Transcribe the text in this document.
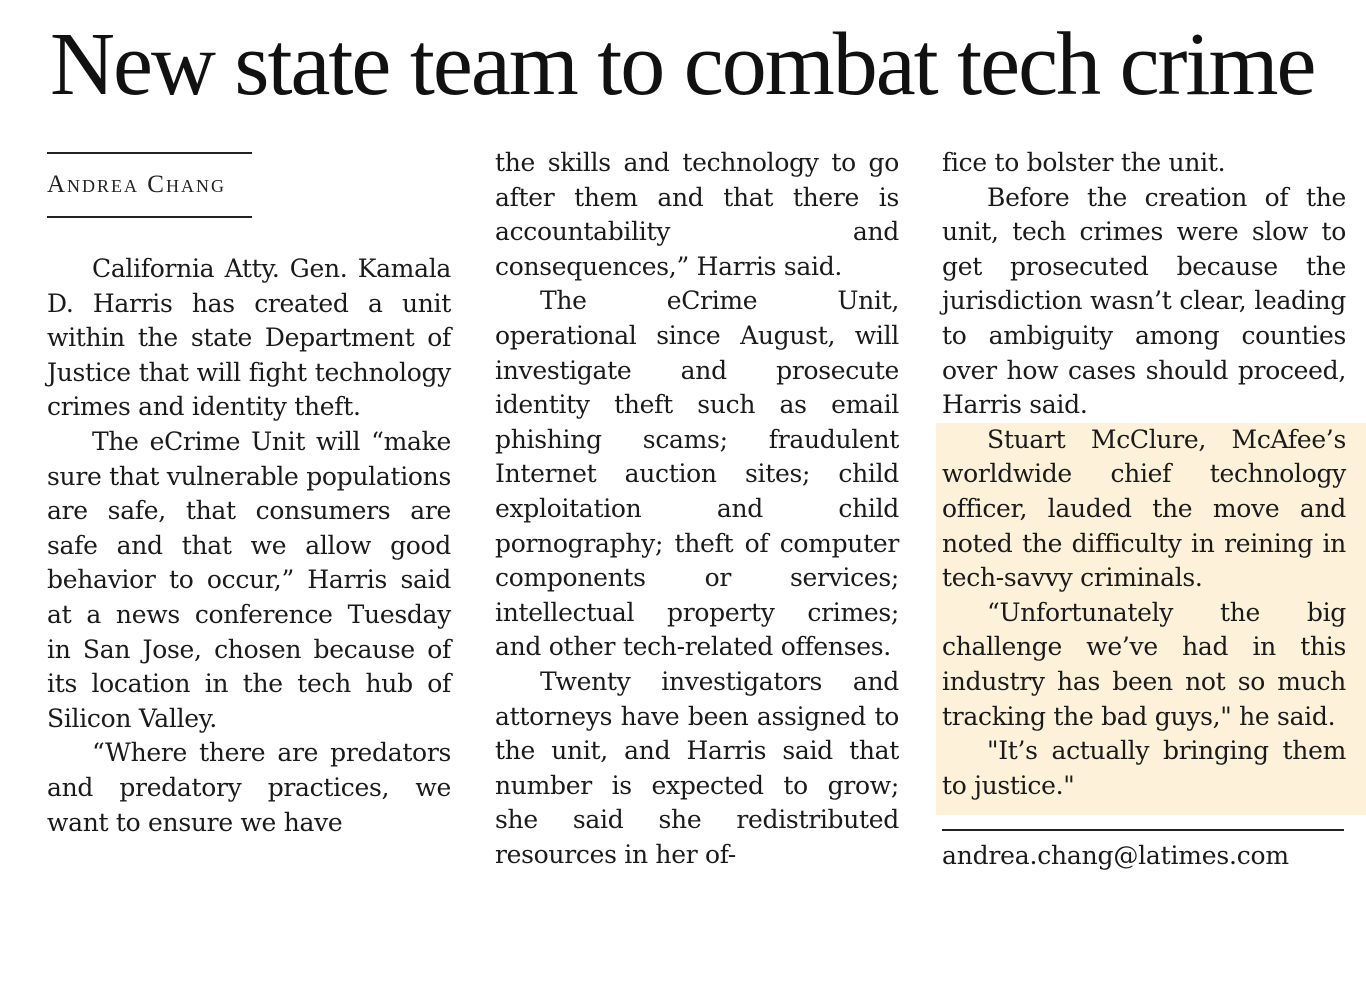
New state team to combat tech crime
Andrea Chang

California Atty. Gen. Kamala D. Harris has created a unit within the state Department of Justice that will fight technology crimes and identity theft.

The eCrime Unit will “make sure that vulnerable populations are safe, that consumers are safe and that we allow good behavior to occur,” Harris said at a news conference Tuesday in San Jose, chosen because of its location in the tech hub of Silicon Valley.

“Where there are predators and predatory practices, we want to ensure we have

the skills and technology to go after them and that there is accountability and consequences,” Harris said.

The eCrime Unit, operational since August, will investigate and prosecute identity theft such as email phishing scams; fraudulent Internet auction sites; child exploitation and child pornography; theft of computer components or services; intellectual property crimes; and other tech-related offenses.

Twenty investigators and attorneys have been assigned to the unit, and Harris said that number is expected to grow; she said she redistributed resources in her of-

fice to bolster the unit.

Before the creation of the unit, tech crimes were slow to get prosecuted because the jurisdiction wasn’t clear, leading to ambiguity among counties over how cases should proceed, Harris said.

Stuart McClure, McAfee’s worldwide chief technology officer, lauded the move and noted the difficulty in reining in tech-savvy criminals.

“Unfortunately the big challenge we’ve had in this industry has been not so much tracking the bad guys," he said.

"It’s actually bringing them to justice."

andrea.chang@latimes.com
